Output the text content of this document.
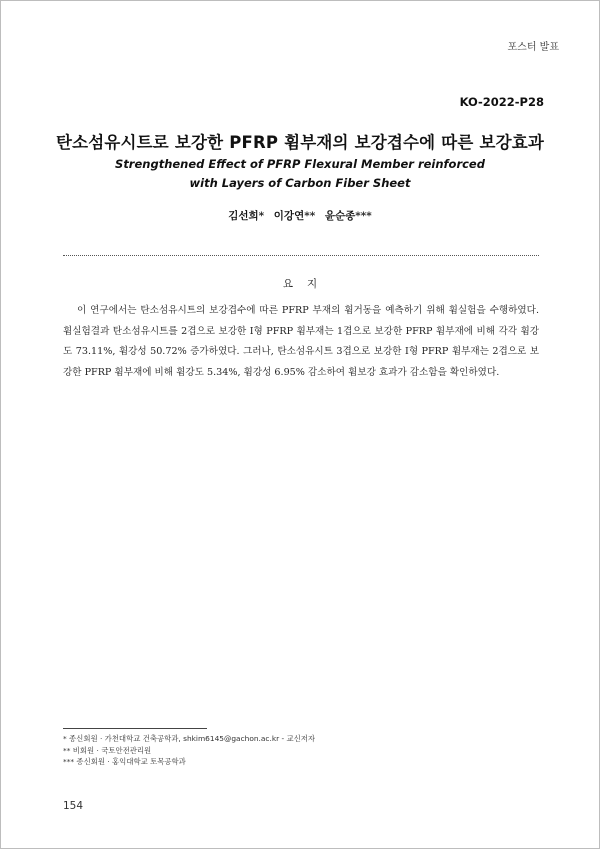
포스터 발표
KO-2022-P28
탄소섬유시트로 보강한 PFRP 휨부재의 보강겹수에 따른 보강효과
Strengthened Effect of PFRP Flexural Member reinforced with Layers of Carbon Fiber Sheet
김선희* 이강연** 윤순종***
요지

이 연구에서는 탄소섬유시트의 보강겹수에 따른 PFRP 부재의 휨거동을 예측하기 위해 휨실험을 수행하였다. 휨실험결과 탄소섬유시트를 2겹으로 보강한 I형 PFRP 휨부재는 1겹으로 보강한 PFRP 휨부재에 비해 각각 휨강도 73.11%, 휨강성 50.72% 증가하였다. 그러나, 탄소섬유시트 3겹으로 보강한 I형 PFRP 휨부재는 2겹으로 보강한 PFRP 휨부재에 비해 휨강도 5.34%, 휨강성 6.95% 감소하여 휨보강 효과가 감소함을 확인하였다.

* 종신회원 · 가천대학교 건축공학과, shkim6145@gachon.ac.kr - 교신저자
** 비회원 · 국토안전관리원
*** 종신회원 · 홍익대학교 토목공학과
154
